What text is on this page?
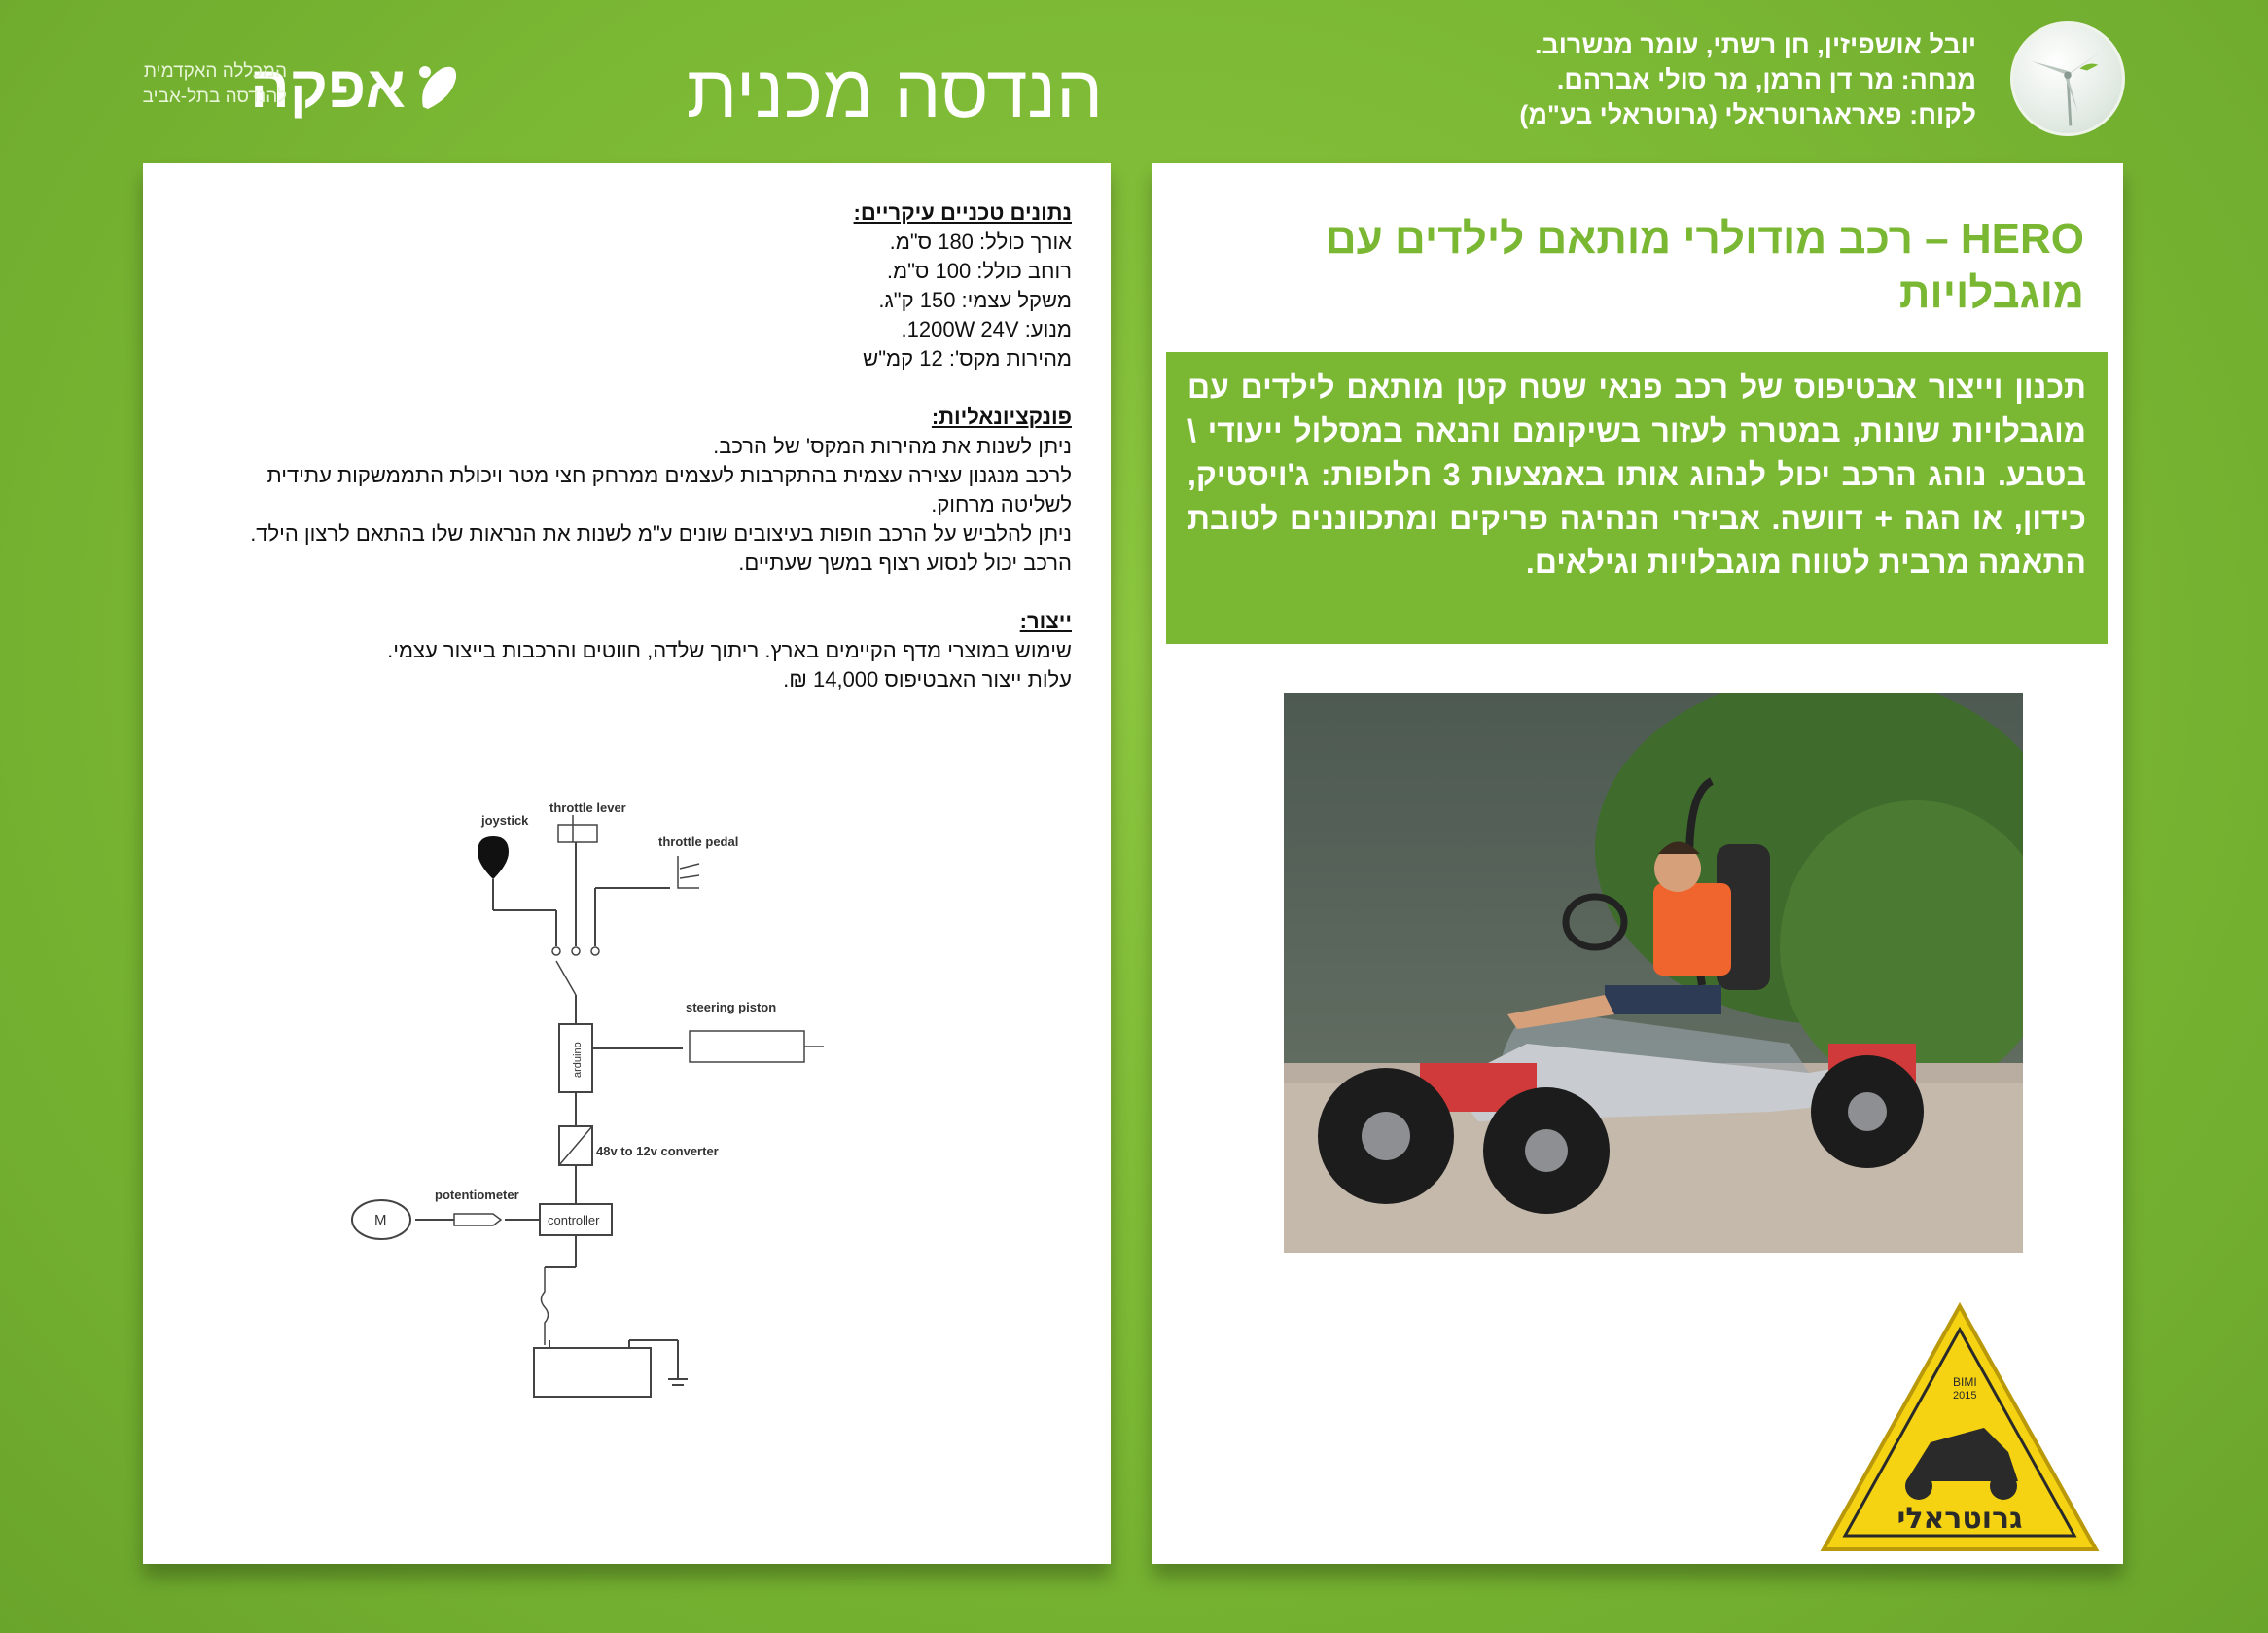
אפקה
המכללה האקדמית
להנדסה בתל-אביב	הנדסה מכנית
יובל אושפיזין, חן רשתי, עומר מנשרוב.
מנחה: מר דן הרמן, מר סולי אברהם.
לקוח: פאראגרוטראלי (גרוטראלי בע"מ)
נתונים טכניים עיקריים:
אורך כולל: 180 ס"מ.
רוחב כולל: 100 ס"מ.
משקל עצמי: 150 ק"ג.
מנוע: 1200W 24V.
מהירות מקס': 12 קמ"ש
פונקציונאליות:
ניתן לשנות את מהירות המקס' של הרכב.
לרכב מנגנון עצירה עצמית בהתקרבות לעצמים ממרחק חצי מטר ויכולת התממשקות עתידית
לשליטה מרחוק.
ניתן להלביש על הרכב חופות בעיצובים שונים ע"מ לשנות את הנראות שלו בהתאם לרצון הילד.
הרכב יכול לנסוע רצוף במשך שעתיים.
ייצור:
שימוש במוצרי מדף הקיימים בארץ. ריתוך שלדה, חווטים והרכבות בייצור עצמי.
עלות ייצור האבטיפוס 14,000 ₪.
joystick
throttle lever
throttle pedal
arduino
steering piston
48v to 12v converter
controller
potentiometer
M
HERO – רכב מודולרי מותאם לילדים עם מוגבלויות
תכנון וייצור אבטיפוס של רכב פנאי שטח קטן מותאם לילדים עם מוגבלויות שונות, במטרה לעזור בשיקומם והנאה במסלול ייעודי \ בטבע. נוהג הרכב יכול לנהוג אותו באמצעות 3 חלופות: ג'ויסטיק, כידון, או הגה + דוושה. אביזרי הנהיגה פריקים ומתכווננים לטובת התאמה מרבית לטווח מוגבלויות וגילאים.
BIMI
2015
גרוטראלי
